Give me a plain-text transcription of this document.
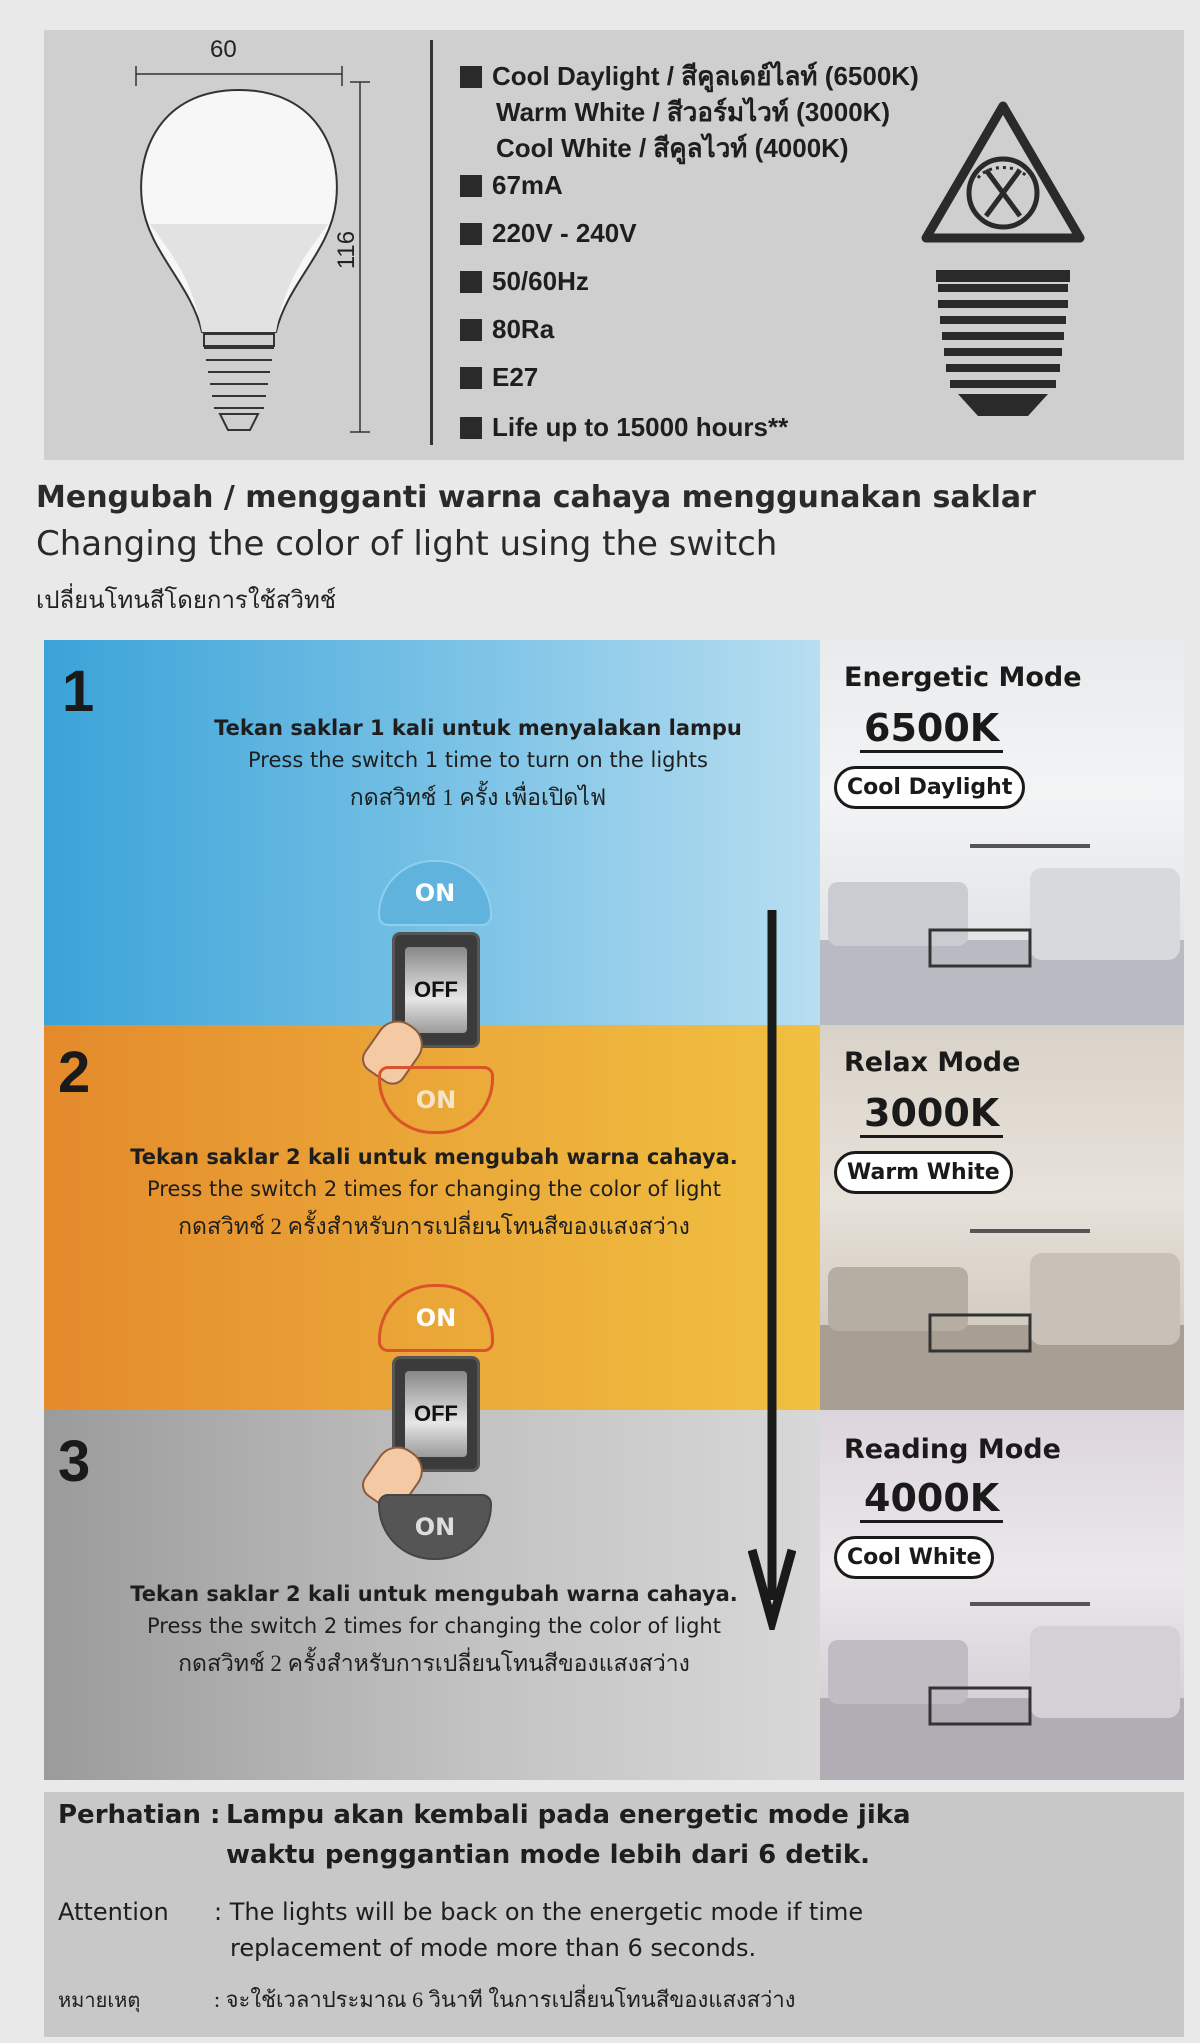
60
116
Cool Daylight / สีคูลเดย์ไลท์ (6500K)
Warm White / สีวอร์มไวท์ (3000K)
Cool White / สีคูลไวท์ (4000K)
67mA
220V - 240V
50/60Hz
80Ra
E27
Life up to 15000 hours**
Mengubah / mengganti warna cahaya menggunakan saklar
Changing the color of light using the switch
เปลี่ยนโทนสีโดยการใช้สวิทช์
1
Tekan saklar 1 kali untuk menyalakan lampu
Press the switch 1 time to turn on the lights
กดสวิทช์ 1 ครั้ง เพื่อเปิดไฟ
2
Tekan saklar 2 kali untuk mengubah warna cahaya.
Press the switch 2 times for changing the color of light
กดสวิทช์ 2 ครั้งสำหรับการเปลี่ยนโทนสีของแสงสว่าง
3
Tekan saklar 2 kali untuk mengubah warna cahaya.
Press the switch 2 times for changing the color of light
กดสวิทช์ 2 ครั้งสำหรับการเปลี่ยนโทนสีของแสงสว่าง
ON
OFF
ON
ON
OFF
ON
Energetic Mode
6500K
Cool Daylight
Relax Mode
3000K
Warm White
Reading Mode
4000K
Cool White
Perhatian : Lampu akan kembali pada energetic mode jika
waktu penggantian mode lebih dari 6 detik.
Attention : The lights will be back on the energetic mode if time
replacement of mode more than 6 seconds.
หมายเหตุ	: จะใช้เวลาประมาณ 6 วินาที ในการเปลี่ยนโทนสีของแสงสว่าง
